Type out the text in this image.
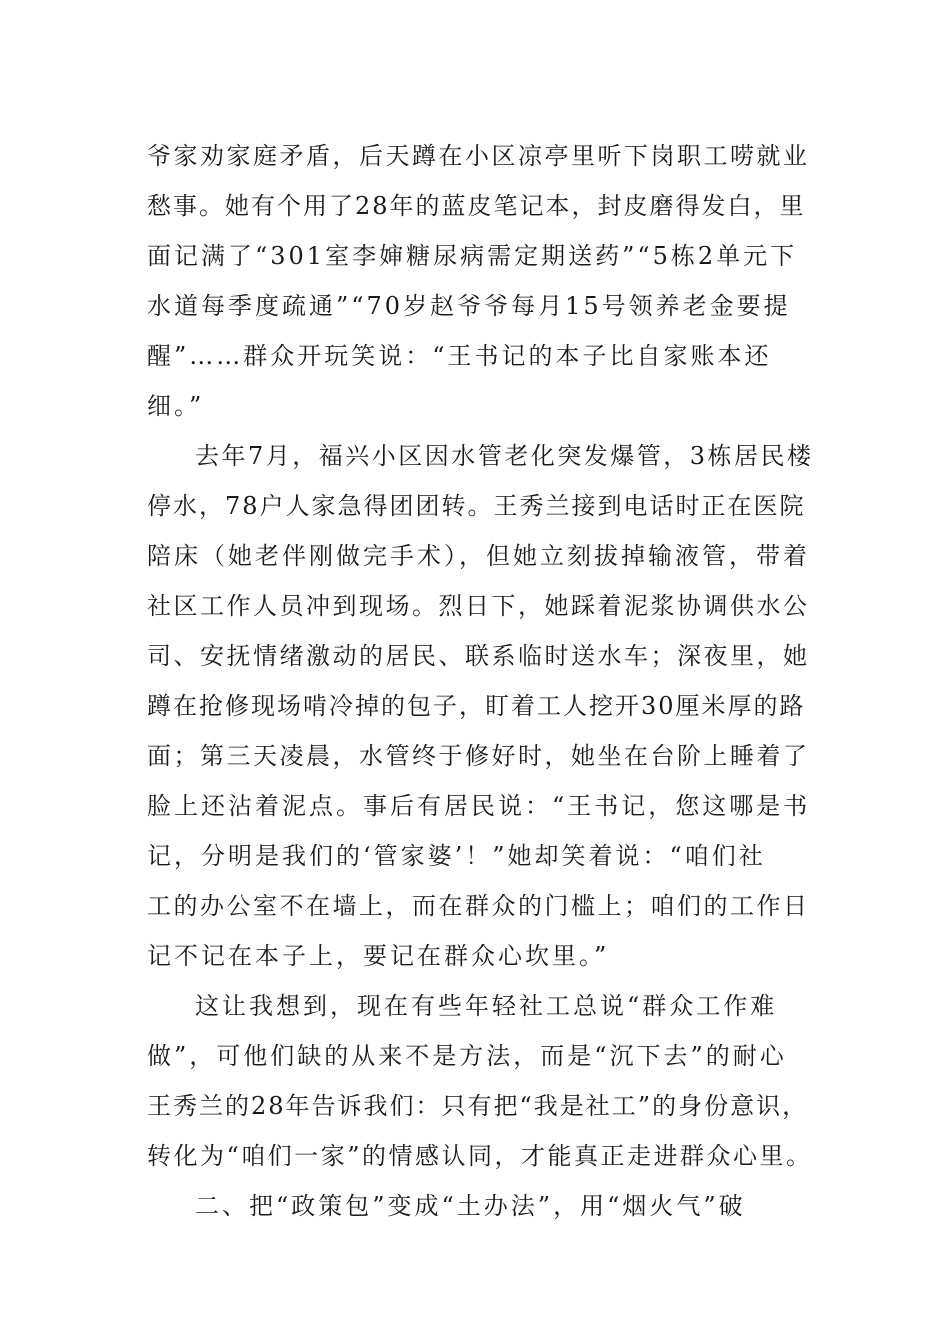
爷家劝家庭矛盾，后天蹲在小区凉亭里听下岗职工唠就业
愁事。她有个用了28年的蓝皮笔记本，封皮磨得发白，里
面记满了“301室李婶糖尿病需定期送药”“5栋2单元下
水道每季度疏通”“70岁赵爷爷每月15号领养老金要提
醒”……群众开玩笑说：“王书记的本子比自家账本还
细。”
去年7月，福兴小区因水管老化突发爆管，3栋居民楼
停水，78户人家急得团团转。王秀兰接到电话时正在医院
陪床（她老伴刚做完手术），但她立刻拔掉输液管，带着
社区工作人员冲到现场。烈日下，她踩着泥浆协调供水公
司、安抚情绪激动的居民、联系临时送水车；深夜里，她
蹲在抢修现场啃冷掉的包子，盯着工人挖开30厘米厚的路
面；第三天凌晨，水管终于修好时，她坐在台阶上睡着了
脸上还沾着泥点。事后有居民说：“王书记，您这哪是书
记，分明是我们的‘管家婆’！”她却笑着说：“咱们社
工的办公室不在墙上，而在群众的门槛上；咱们的工作日
记不记在本子上，要记在群众心坎里。”
这让我想到，现在有些年轻社工总说“群众工作难
做”，可他们缺的从来不是方法，而是“沉下去”的耐心
王秀兰的28年告诉我们：只有把“我是社工”的身份意识，
转化为“咱们一家”的情感认同，才能真正走进群众心里。
二、把“政策包”变成“土办法”，用“烟火气”破
